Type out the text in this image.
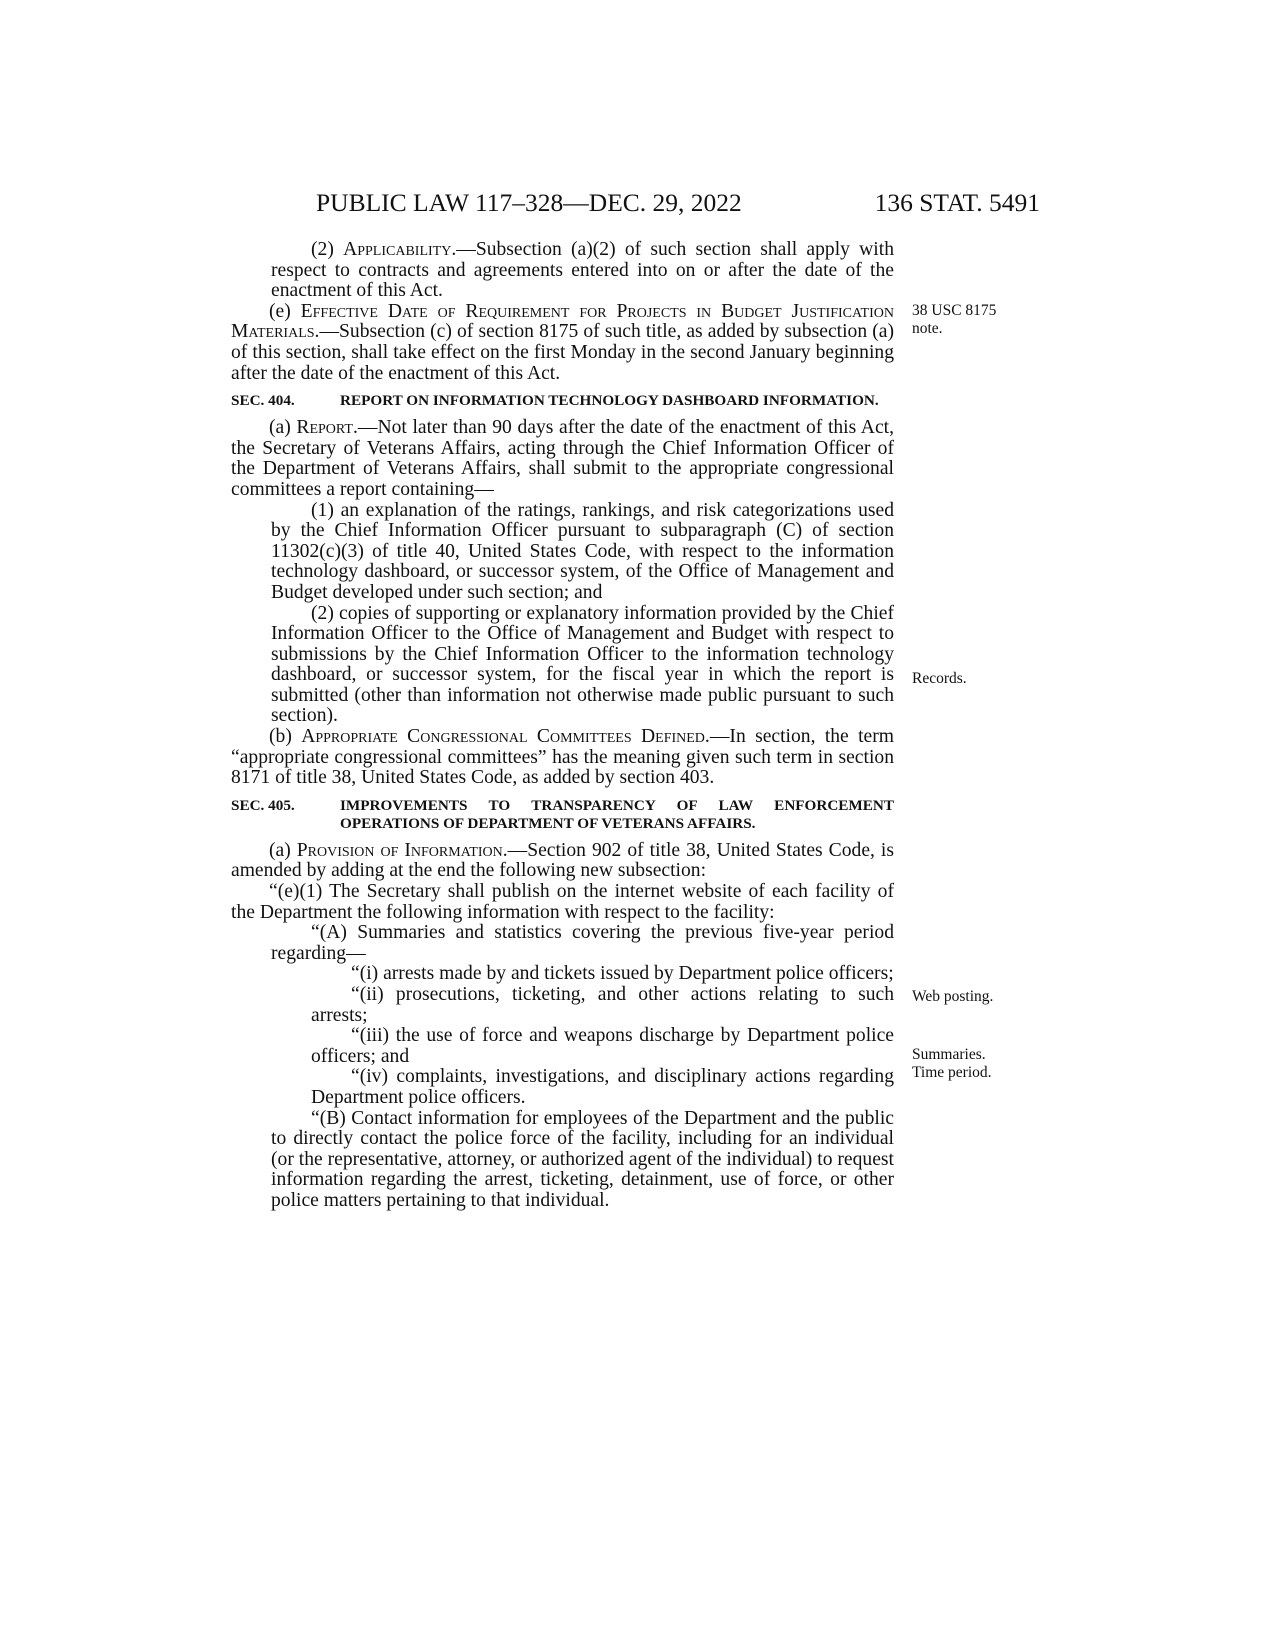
PUBLIC LAW 117–328—DEC. 29, 2022	136 STAT. 5491

(2) Applicability.—Subsection (a)(2) of such section shall apply with respect to contracts and agreements entered into on or after the date of the enactment of this Act.

(e) Effective Date of Requirement for Projects in Budget Justification Materials.—Subsection (c) of section 8175 of such title, as added by subsection (a) of this section, shall take effect on the first Monday in the second January beginning after the date of the enactment of this Act.

SEC. 404.	REPORT ON INFORMATION TECHNOLOGY DASHBOARD INFORMATION.

(a) Report.—Not later than 90 days after the date of the enactment of this Act, the Secretary of Veterans Affairs, acting through the Chief Information Officer of the Department of Veterans Affairs, shall submit to the appropriate congressional committees a report containing—

(1) an explanation of the ratings, rankings, and risk categorizations used by the Chief Information Officer pursuant to subparagraph (C) of section 11302(c)(3) of title 40, United States Code, with respect to the information technology dashboard, or successor system, of the Office of Management and Budget developed under such section; and

(2) copies of supporting or explanatory information provided by the Chief Information Officer to the Office of Management and Budget with respect to submissions by the Chief Information Officer to the information technology dashboard, or successor system, for the fiscal year in which the report is submitted (other than information not otherwise made public pursuant to such section).

(b) Appropriate Congressional Committees Defined.—In section, the term “appropriate congressional committees” has the meaning given such term in section 8171 of title 38, United States Code, as added by section 403.

SEC. 405.	IMPROVEMENTS TO TRANSPARENCY OF LAW ENFORCEMENT OPERATIONS OF DEPARTMENT OF VETERANS AFFAIRS.

(a) Provision of Information.—Section 902 of title 38, United States Code, is amended by adding at the end the following new subsection:

“(e)(1) The Secretary shall publish on the internet website of each facility of the Department the following information with respect to the facility:

“(A) Summaries and statistics covering the previous five-year period regarding—

“(i) arrests made by and tickets issued by Department police officers;

“(ii) prosecutions, ticketing, and other actions relating to such arrests;

“(iii) the use of force and weapons discharge by Department police officers; and

“(iv) complaints, investigations, and disciplinary actions regarding Department police officers.

“(B) Contact information for employees of the Department and the public to directly contact the police force of the facility, including for an individual (or the representative, attorney, or authorized agent of the individual) to request information regarding the arrest, ticketing, detainment, use of force, or other police matters pertaining to that individual.

38 USC 8175
note.
Records.
Web posting.
Summaries.
Time period.
